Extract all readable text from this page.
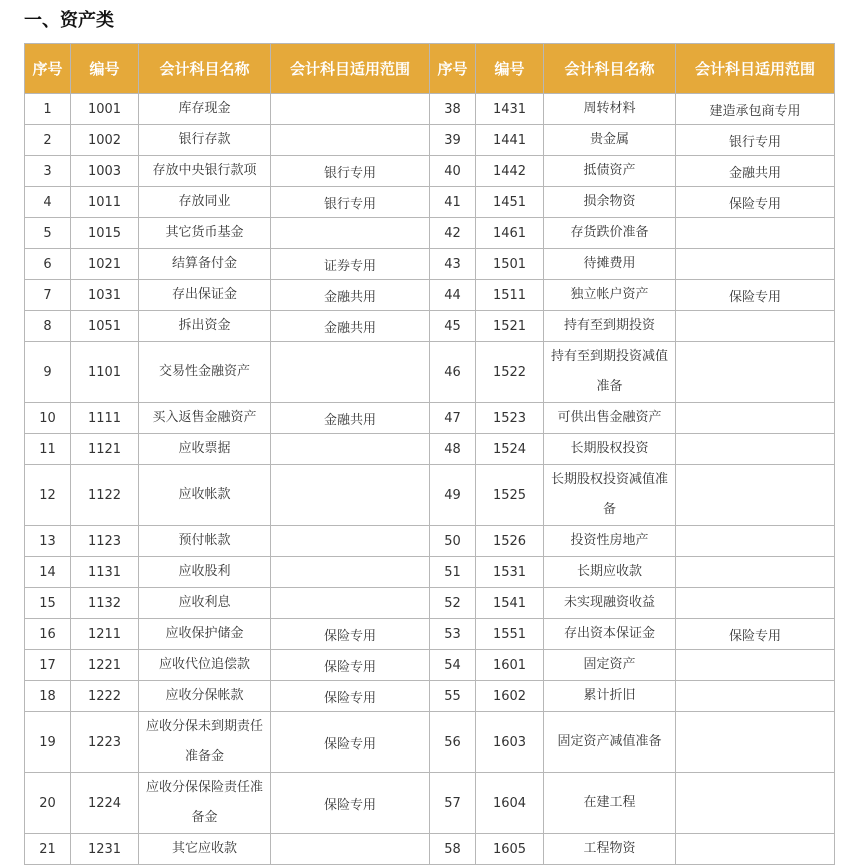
一、资产类
序号	编号	会计科目名称	会计科目适用范围	序号	编号	会计科目名称	会计科目适用范围
1	1001	库存现金		38	1431	周转材料	建造承包商专用
2	1002	银行存款		39	1441	贵金属	银行专用
3	1003	存放中央银行款项	银行专用	40	1442	抵债资产	金融共用
4	1011	存放同业	银行专用	41	1451	损余物资	保险专用
5	1015	其它货币基金		42	1461	存货跌价准备	
6	1021	结算备付金	证券专用	43	1501	待摊费用	
7	1031	存出保证金	金融共用	44	1511	独立帐户资产	保险专用
8	1051	拆出资金	金融共用	45	1521	持有至到期投资	
9	1101	交易性金融资产		46	1522	持有至到期投资减值准备	
10	1111	买入返售金融资产	金融共用	47	1523	可供出售金融资产	
11	1121	应收票据		48	1524	长期股权投资	
12	1122	应收帐款		49	1525	长期股权投资减值准备	
13	1123	预付帐款		50	1526	投资性房地产	
14	1131	应收股利		51	1531	长期应收款	
15	1132	应收利息		52	1541	未实现融资收益	
16	1211	应收保护储金	保险专用	53	1551	存出资本保证金	保险专用
17	1221	应收代位追偿款	保险专用	54	1601	固定资产	
18	1222	应收分保帐款	保险专用	55	1602	累计折旧	
19	1223	应收分保未到期责任准备金	保险专用	56	1603	固定资产减值准备	
20	1224	应收分保保险责任准备金	保险专用	57	1604	在建工程	
21	1231	其它应收款		58	1605	工程物资	
